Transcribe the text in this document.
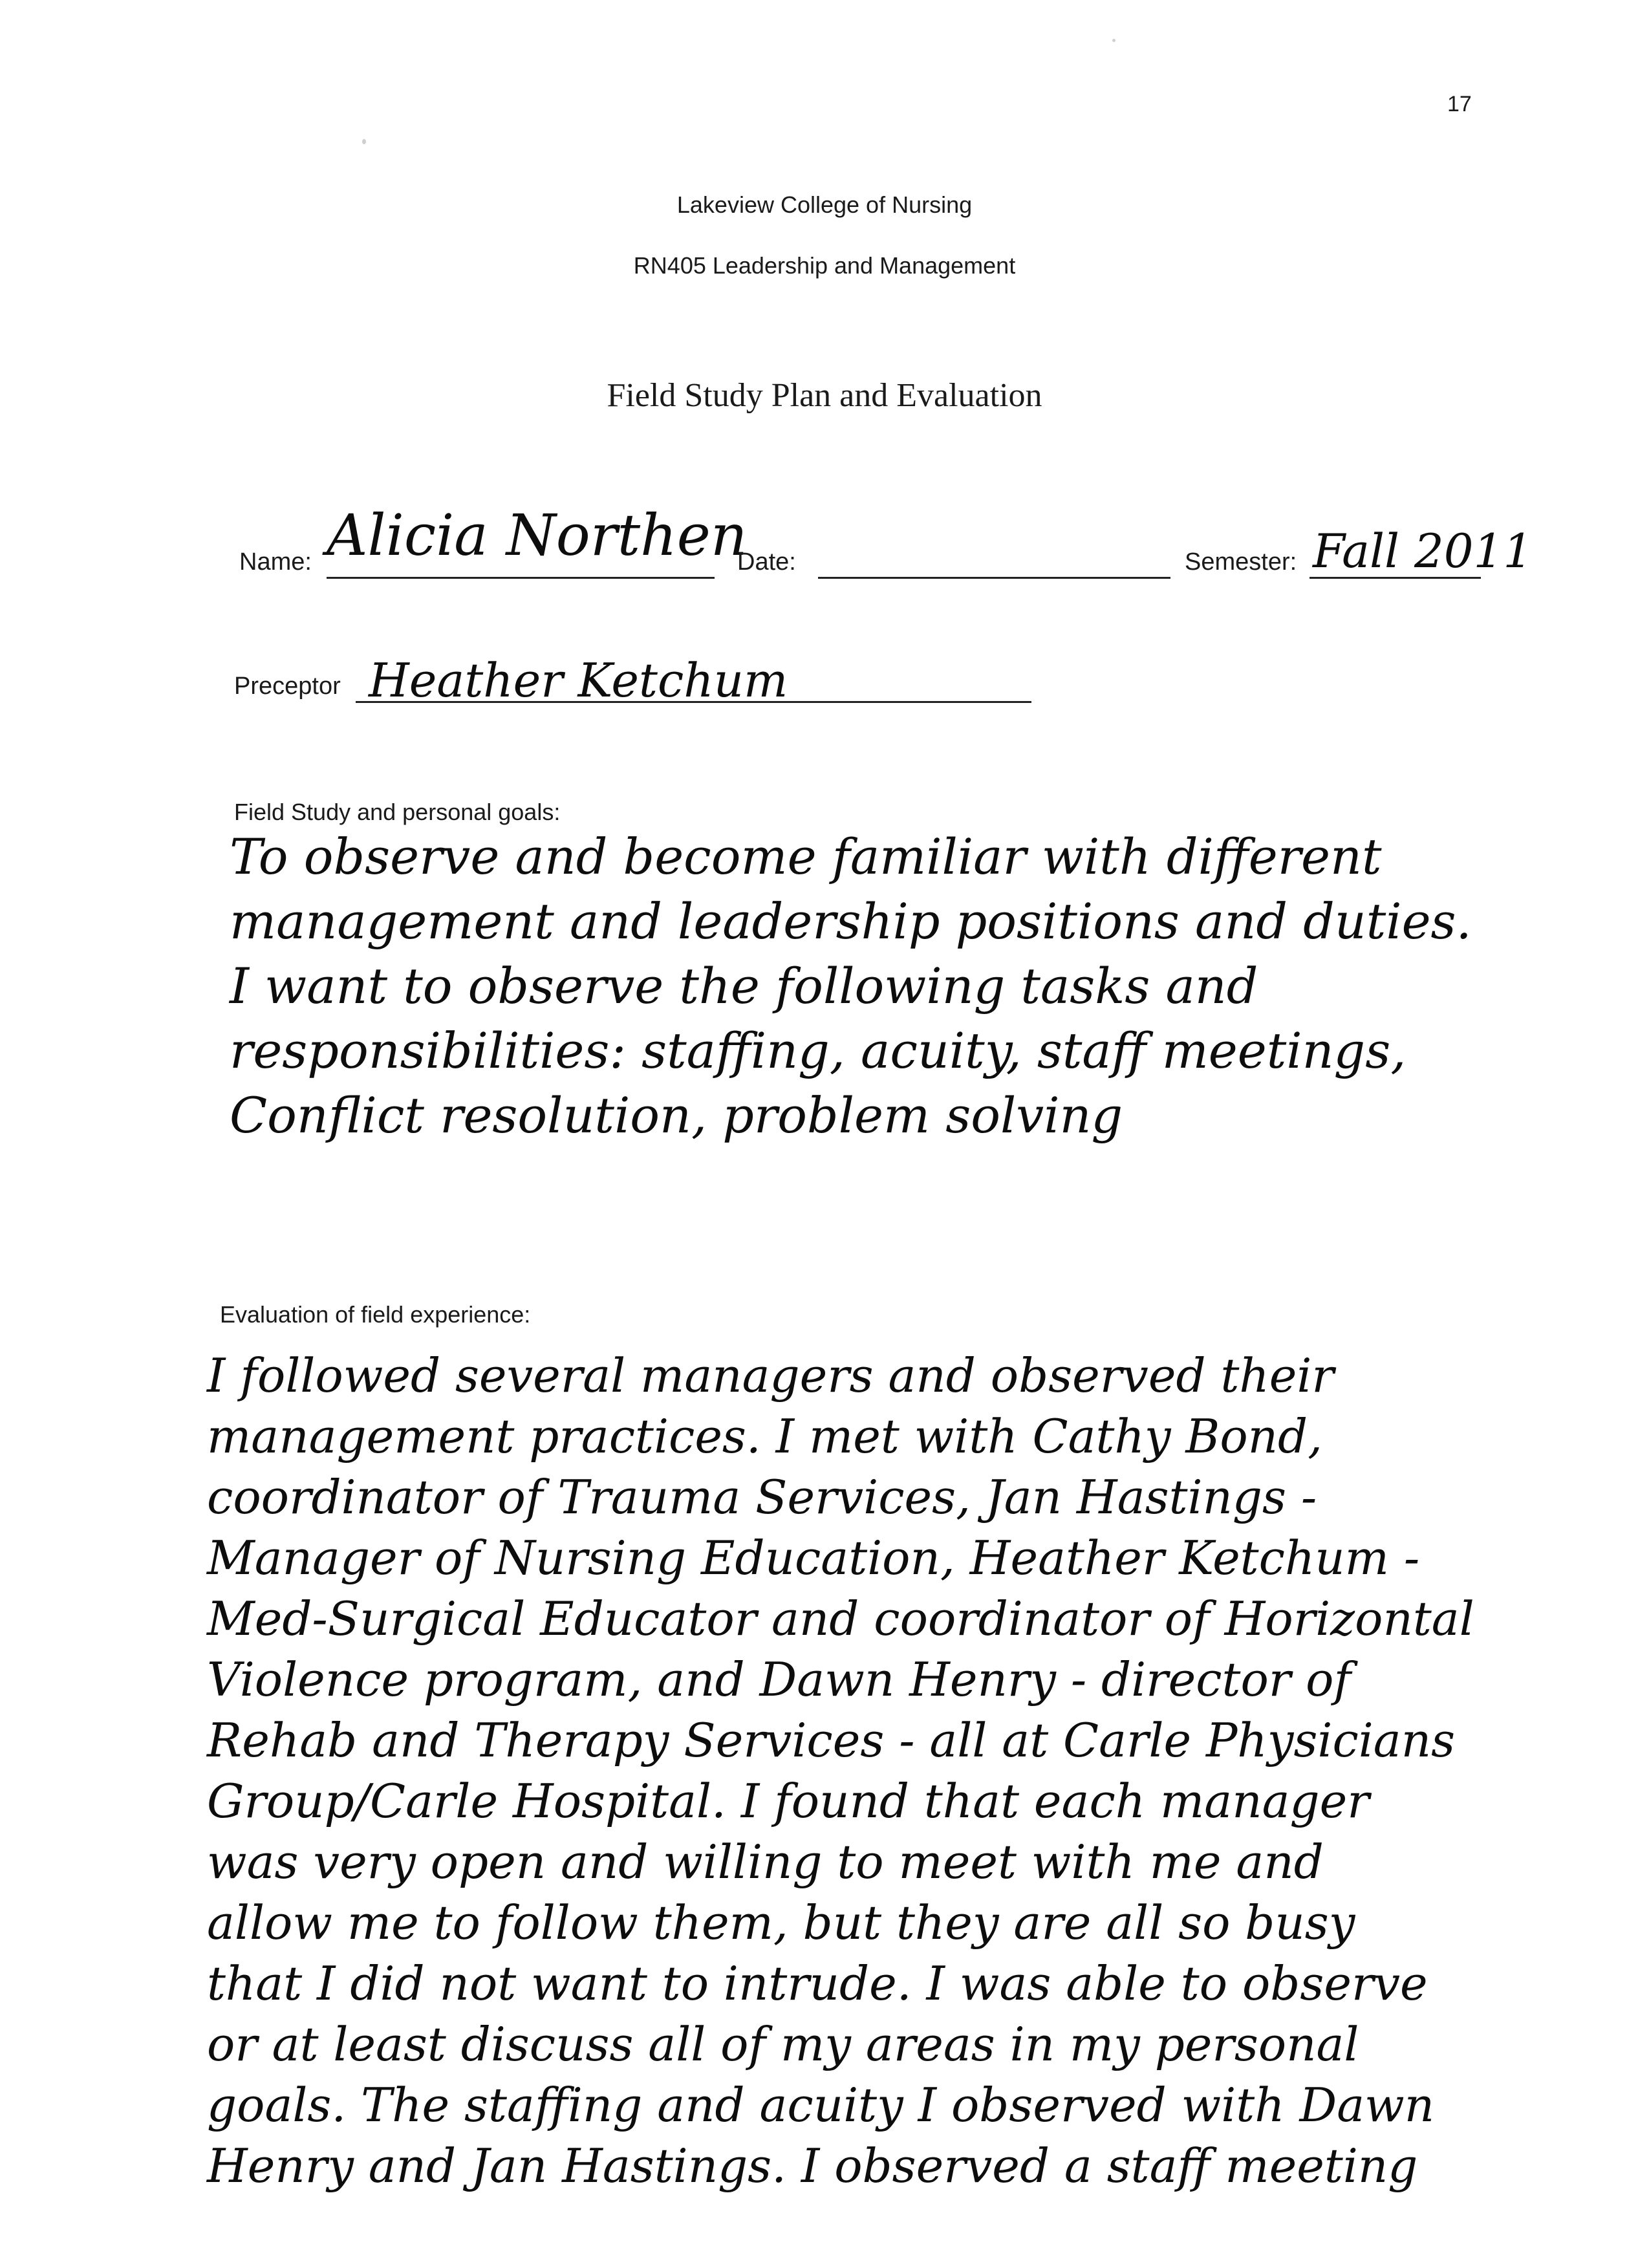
17
Lakeview College of Nursing
RN405 Leadership and Management
Field Study Plan and Evaluation
Name: Alicia Northen
Date:	Semester: Fall 2011
Preceptor Heather Ketchum
Field Study and personal goals:
To observe and become familiar with different
management and leadership positions and duties.
I want to observe the following tasks and
responsibilities: staffing, acuity, staff meetings,
Conflict resolution, problem solving
Evaluation of field experience:
I followed several managers and observed their
management practices. I met with Cathy Bond,
coordinator of Trauma Services, Jan Hastings -
Manager of Nursing Education, Heather Ketchum -
Med-Surgical Educator and coordinator of Horizontal
Violence program, and Dawn Henry - director of
Rehab and Therapy Services - all at Carle Physicians
Group/Carle Hospital. I found that each manager
was very open and willing to meet with me and
allow me to follow them, but they are all so busy
that I did not want to intrude. I was able to observe
or at least discuss all of my areas in my personal
goals. The staffing and acuity I observed with Dawn
Henry and Jan Hastings. I observed a staff meeting
